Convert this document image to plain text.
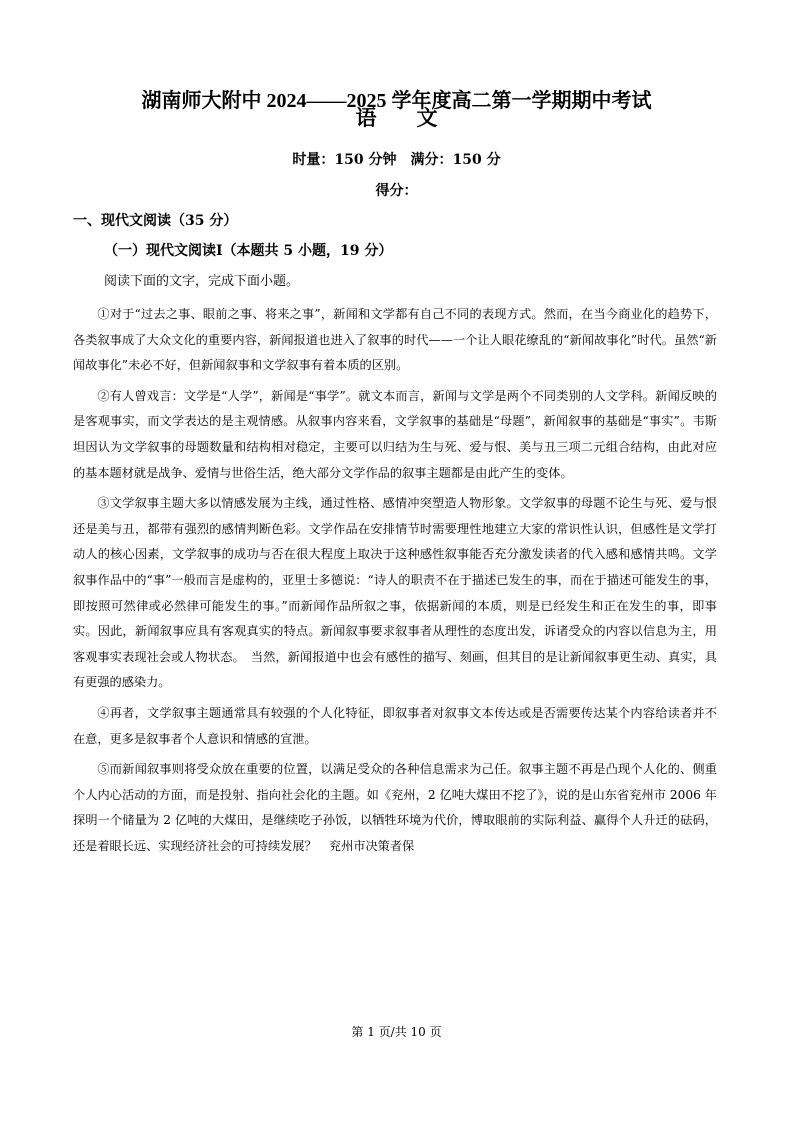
湖南师大附中 2024——2025 学年度高二第一学期期中考试
语文
时量：150 分钟　满分：150 分
得分：
一、现代文阅读（35 分）
（一）现代文阅读Ⅰ（本题共 5 小题，19 分）
阅读下面的文字，完成下面小题。

①对于“过去之事、眼前之事、将来之事”，新闻和文学都有自己不同的表现方式。然而，在当今商业化的趋势下，各类叙事成了大众文化的重要内容，新闻报道也进入了叙事的时代——一个让人眼花缭乱的“新闻故事化”时代。虽然“新闻故事化”未必不好，但新闻叙事和文学叙事有着本质的区别。

②有人曾戏言：文学是“人学”，新闻是“事学”。就文本而言，新闻与文学是两个不同类别的人文学科。新闻反映的是客观事实，而文学表达的是主观情感。从叙事内容来看，文学叙事的基础是“母题”，新闻叙事的基础是“事实”。韦斯坦因认为文学叙事的母题数量和结构相对稳定，主要可以归结为生与死、爱与恨、美与丑三项二元组合结构，由此对应的基本题材就是战争、爱情与世俗生活，绝大部分文学作品的叙事主题都是由此产生的变体。

③文学叙事主题大多以情感发展为主线，通过性格、感情冲突塑造人物形象。文学叙事的母题不论生与死、爱与恨还是美与丑，都带有强烈的感情判断色彩。文学作品在安排情节时需要理性地建立大家的常识性认识，但感性是文学打动人的核心因素，文学叙事的成功与否在很大程度上取决于这种感性叙事能否充分激发读者的代入感和感情共鸣。文学叙事作品中的“事”一般而言是虚构的，亚里士多德说：“诗人的职责不在于描述已发生的事，而在于描述可能发生的事，即按照可然律或必然律可能发生的事。”而新闻作品所叙之事，依据新闻的本质，则是已经发生和正在发生的事，即事实。因此，新闻叙事应具有客观真实的特点。新闻叙事要求叙事者从理性的态度出发，诉诸受众的内容以信息为主，用客观事实表现社会或人物状态。　当然，新闻报道中也会有感性的描写、刻画，但其目的是让新闻叙事更生动、真实，具有更强的感染力。

④再者，文学叙事主题通常具有较强的个人化特征，即叙事者对叙事文本传达或是否需要传达某个内容给读者并不在意，更多是叙事者个人意识和情感的宣泄。

⑤而新闻叙事则将受众放在重要的位置，以满足受众的各种信息需求为己任。叙事主题不再是凸现个人化的、侧重个人内心活动的方面，而是投射、指向社会化的主题。如《兖州，2 亿吨大煤田不挖了》，说的是山东省兖州市 2006 年探明一个储量为 2 亿吨的大煤田，是继续吃子孙饭，以牺牲环境为代价，博取眼前的实际利益、赢得个人升迁的砝码，还是着眼长远、实现经济社会的可持续发展？　兖州市决策者保

第 1 页/共 10 页
